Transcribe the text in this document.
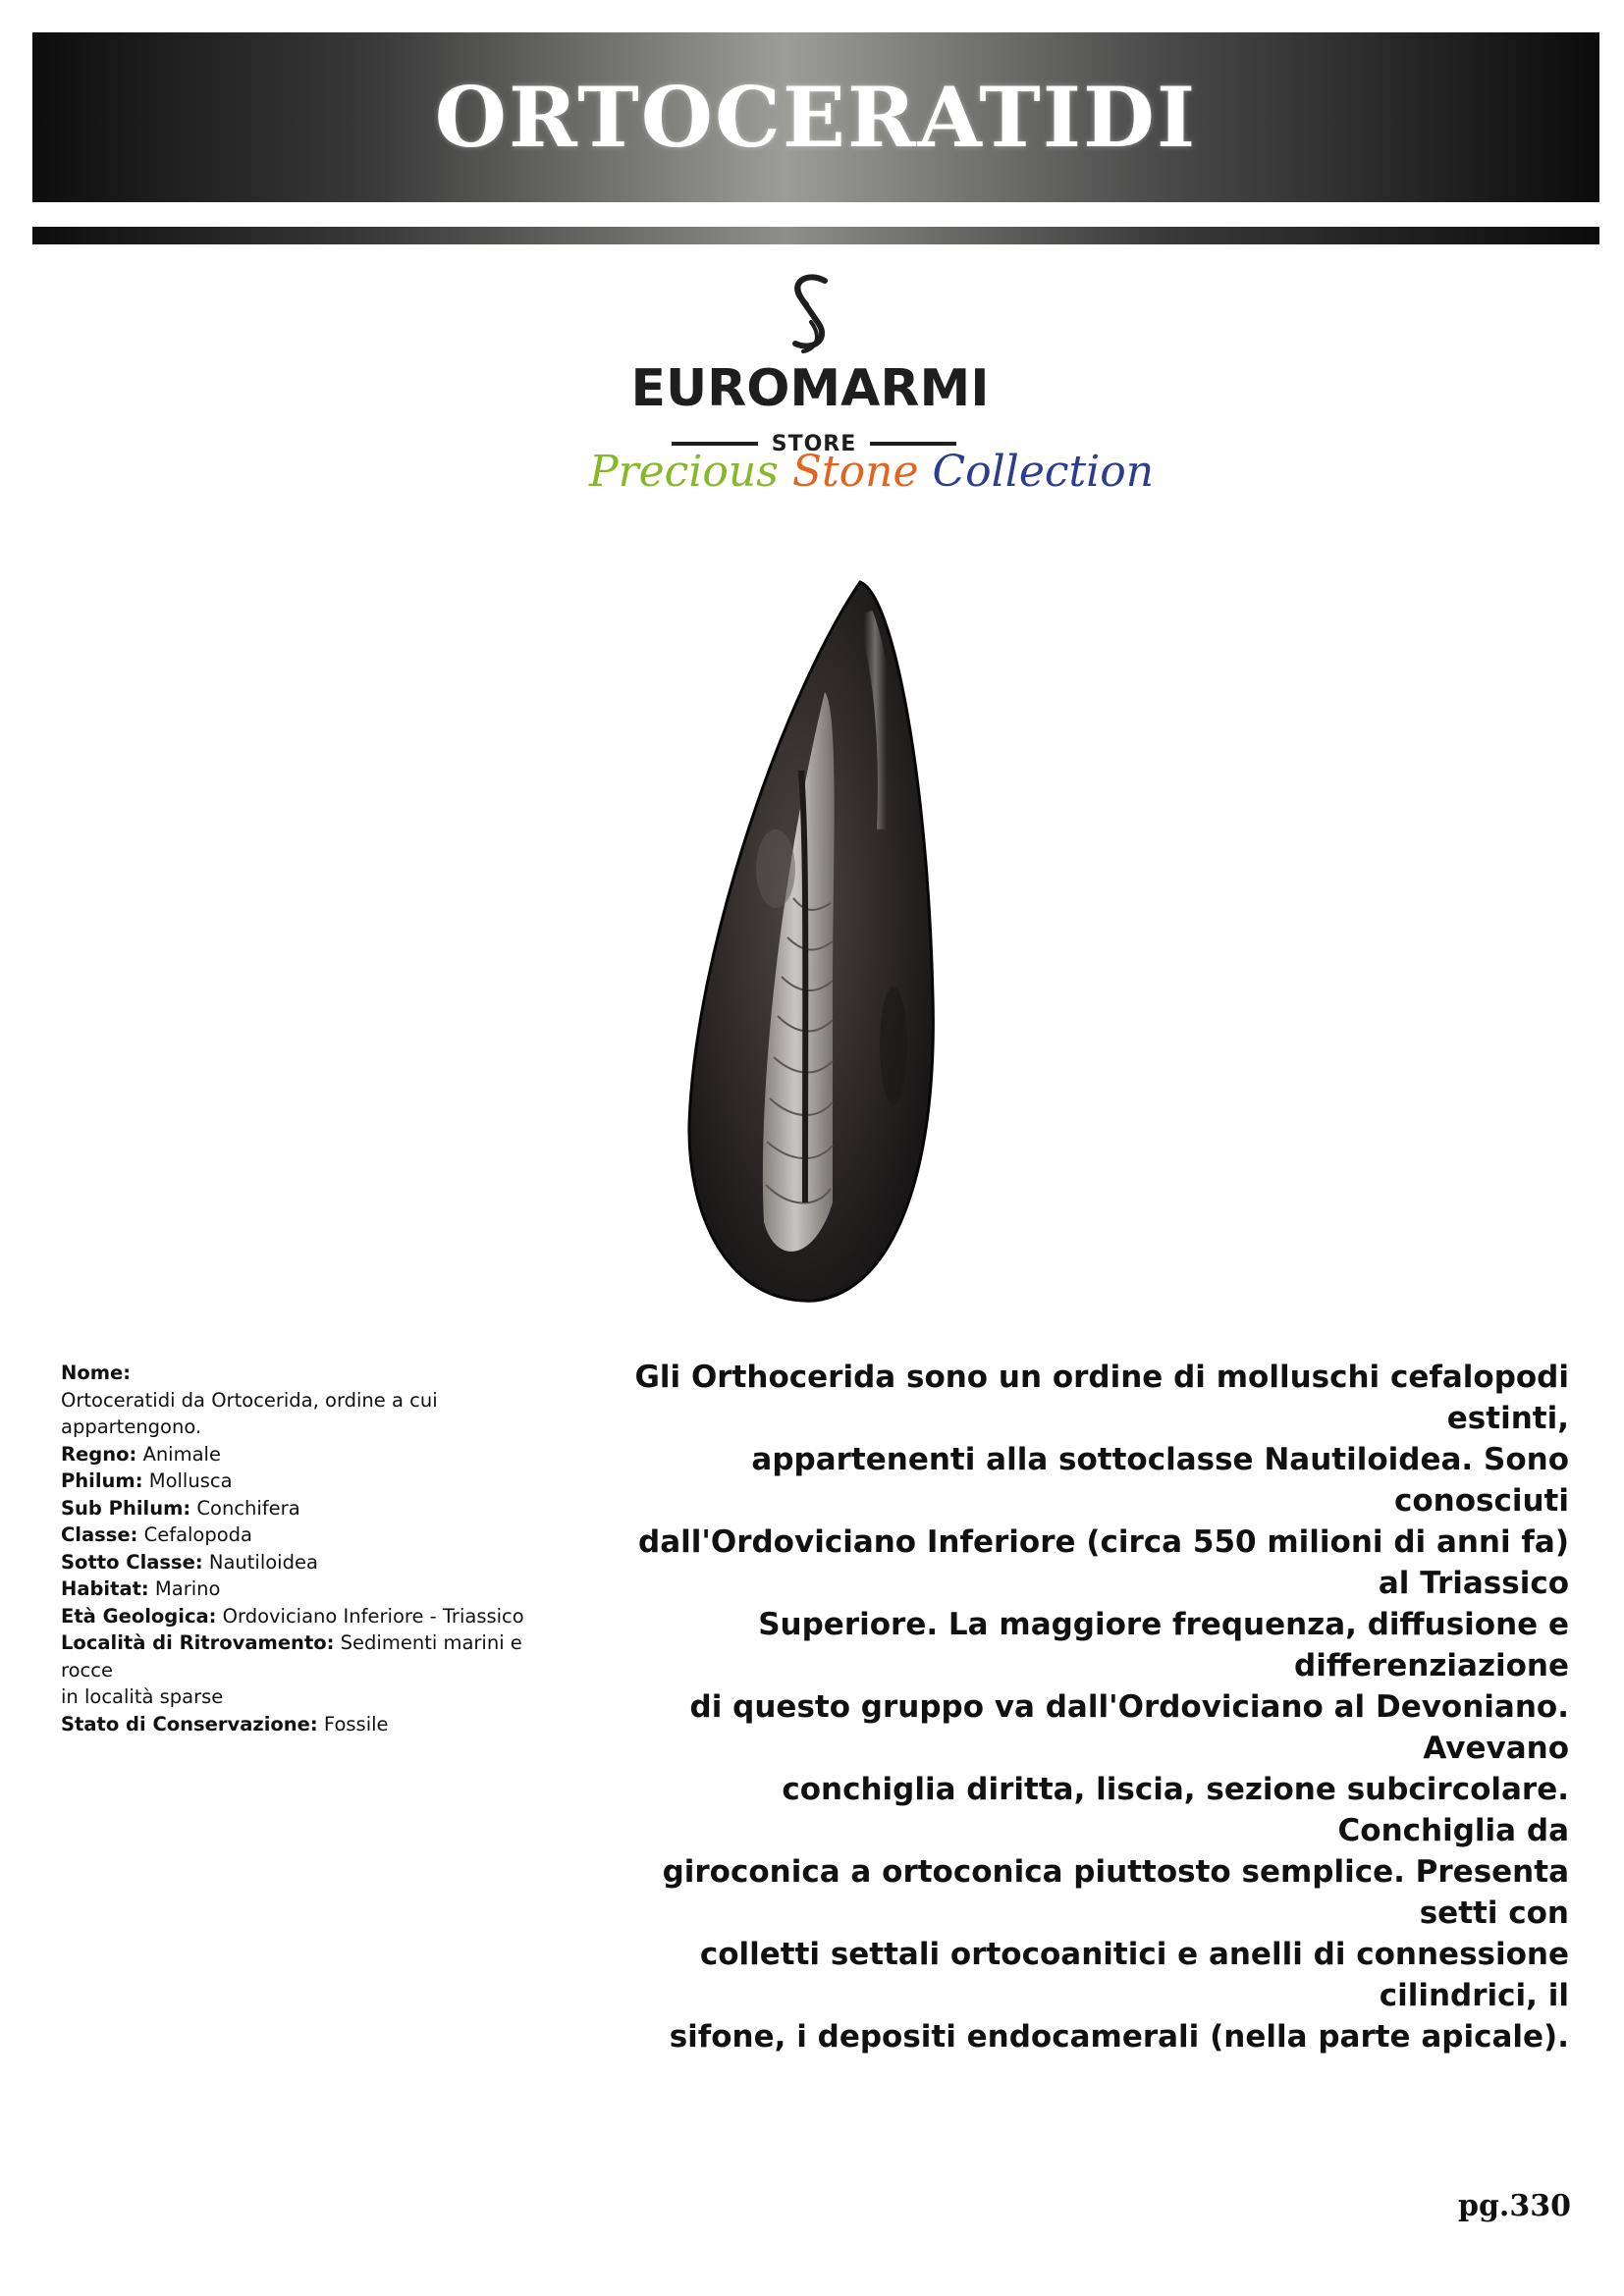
ORTOCERATIDI
EUROMARMI
STORE
Precious Stone Collection

Nome:

Ortoceratidi da Ortocerida, ordine a cui

appartengono.

Regno: Animale

Philum: Mollusca

Sub Philum: Conchifera

Classe: Cefalopoda

Sotto Classe: Nautiloidea

Habitat: Marino

Età Geologica: Ordoviciano Inferiore - Triassico

Località di Ritrovamento: Sedimenti marini e rocce

in località sparse

Stato di Conservazione: Fossile

Gli Orthocerida sono un ordine di molluschi cefalopodi estinti,
appartenenti alla sottoclasse Nautiloidea. Sono conosciuti
dall'Ordoviciano Inferiore (circa 550 milioni di anni fa) al Triassico
Superiore. La maggiore frequenza, diffusione e differenziazione
di questo gruppo va dall'Ordoviciano al Devoniano. Avevano
conchiglia diritta, liscia, sezione subcircolare. Conchiglia da
giroconica a ortoconica piuttosto semplice. Presenta setti con
colletti settali ortocoanitici e anelli di connessione cilindrici, il
sifone, i depositi endocamerali (nella parte apicale).
pg.330
